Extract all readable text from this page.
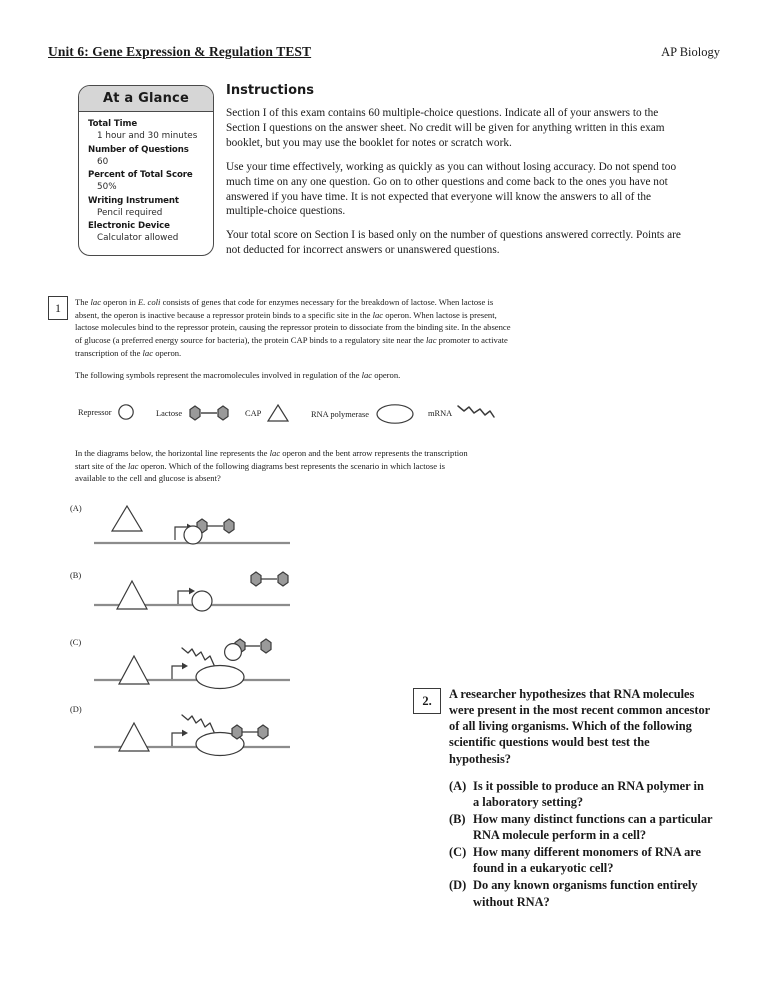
Unit 6: Gene Expression & Regulation TEST	AP Biology
At a Glance
Total Time
1 hour and 30 minutes
Number of Questions
60
Percent of Total Score
50%
Writing Instrument
Pencil required
Electronic Device
Calculator allowed
Instructions
Section I of this exam contains 60 multiple-choice questions. Indicate all of your answers to the Section I questions on the answer sheet. No credit will be given for anything written in this exam booklet, but you may use the booklet for notes or scratch work.
Use your time effectively, working as quickly as you can without losing accuracy. Do not spend too much time on any one question. Go on to other questions and come back to the ones you have not answered if you have time. It is not expected that everyone will know the answers to all of the multiple-choice questions.
Your total score on Section I is based only on the number of questions answered correctly. Points are not deducted for incorrect answers or unanswered questions.
1	The lac operon in E. coli consists of genes that code for enzymes necessary for the breakdown of lactose. When lactose is absent, the operon is inactive because a repressor protein binds to a specific site in the lac operon. When lactose is present, lactose molecules bind to the repressor protein, causing the repressor protein to dissociate from the binding site. In the absence of glucose (a preferred energy source for bacteria), the protein CAP binds to a regulatory site near the lac promoter to activate transcription of the lac operon.
The following symbols represent the macromolecules involved in regulation of the lac operon.
Repressor	Lactose	CAP	RNA polymerase	mRNA
In the diagrams below, the horizontal line represents the lac operon and the bent arrow represents the transcription start site of the lac operon. Which of the following diagrams best represents the scenario in which lactose is available to the cell and glucose is absent?
(A)
(B)
(C)
(D)
2.	A researcher hypothesizes that RNA molecules were present in the most recent common ancestor of all living organisms. Which of the following scientific questions would best test the hypothesis?
(A) Is it possible to produce an RNA polymer in a laboratory setting?
(B) How many distinct functions can a particular RNA molecule perform in a cell?
(C) How many different monomers of RNA are found in a eukaryotic cell?
(D) Do any known organisms function entirely without RNA?
